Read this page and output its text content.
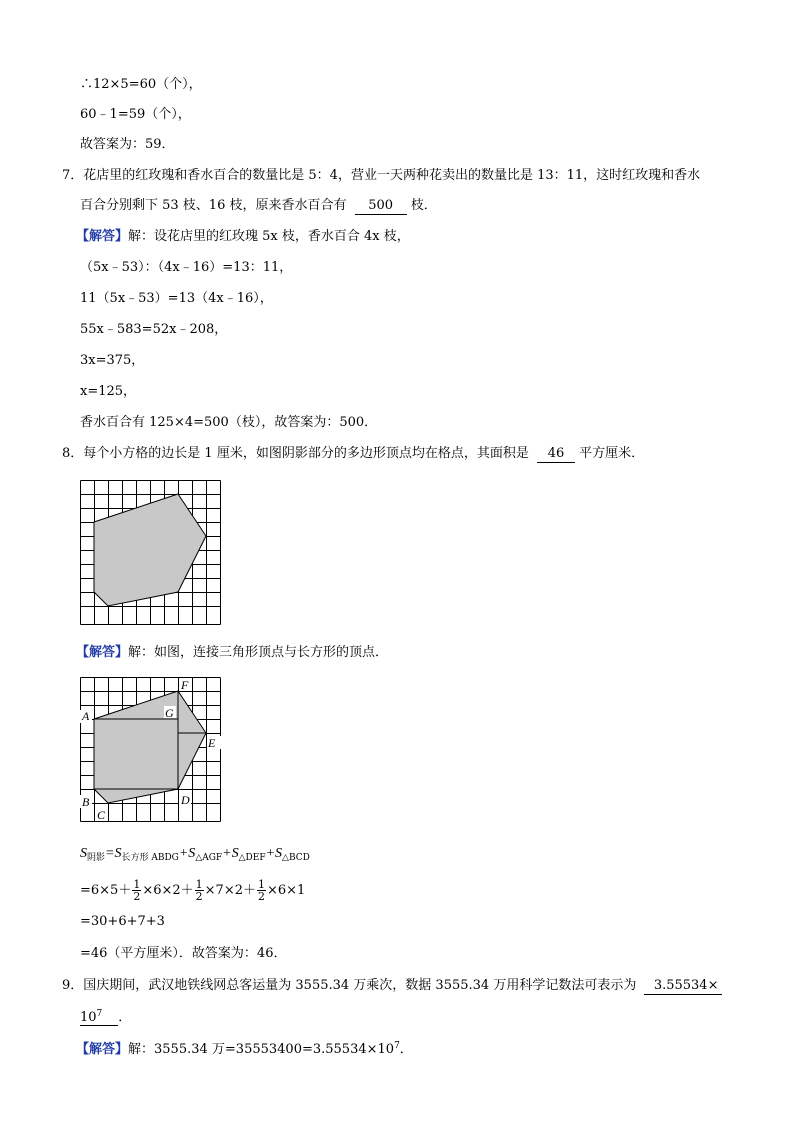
∴12×5=60（个），
60﹣1=59（个），
故答案为：59．
7．花店里的红玫瑰和香水百合的数量比是 5：4，营业一天两种花卖出的数量比是 13：11，这时红玫瑰和香水
百合分别剩下 53 枝、16 枝，原来香水百合有 500 枝．
【解答】解：设花店里的红玫瑰 5x 枝，香水百合 4x 枝，
（5x﹣53）：（4x﹣16）=13：11，
11（5x﹣53）=13（4x﹣16），
55x﹣583=52x﹣208，
3x=375，
x=125，
香水百合有 125×4=500（枝），故答案为：500．
8．每个小方格的边长是 1 厘米，如图阴影部分的多边形顶点均在格点，其面积是 46 平方厘米．
【解答】解：如图，连接三角形顶点与长方形的顶点．
A
B
C
D
E
F
G
$S_{阴影}=S_{长方形 ABDG}+S_{\triangle AGF}+S_{\triangle DEF}+S_{\triangle BCD}$
$=6\times 5+ \frac{1}{2} \times 6\times 2+ \frac{1}{2} \times 7\times 2+ \frac{1}{2} \times 6\times 1$
=30+6+7+3
=46（平方厘米）．故答案为：46．
9．国庆期间，武汉地铁线网总客运量为 3555.34 万乘次，数据 3555.34 万用科学记数法可表示为 3.55534×
$10^7$ ．
【解答】解：3555.34 万$=35553400=3.55534\times 10^7$．
